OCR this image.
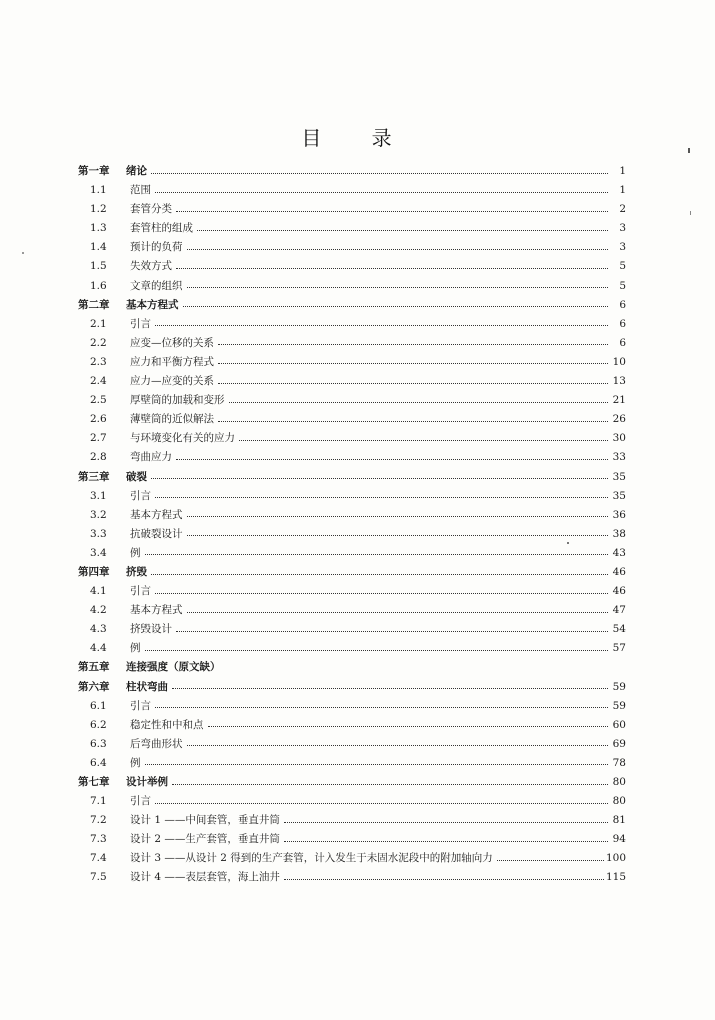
目 录
第一章	绪论	1
1.1	范围	1
1.2	套管分类	2
1.3	套管柱的组成	3
1.4	预计的负荷	3
1.5	失效方式	5
1.6	文章的组织	5
第二章	基本方程式	6
2.1	引言	6
2.2	应变—位移的关系	6
2.3	应力和平衡方程式	10
2.4	应力—应变的关系	13
2.5	厚壁筒的加载和变形	21
2.6	薄壁筒的近似解法	26
2.7	与环境变化有关的应力	30
2.8	弯曲应力	33
第三章	破裂	35
3.1	引言	35
3.2	基本方程式	36
3.3	抗破裂设计	38
3.4	例	43
第四章	挤毁	46
4.1	引言	46
4.2	基本方程式	47
4.3	挤毁设计	54
4.4	例	57
第五章	连接强度（原文缺）
第六章	柱状弯曲	59
6.1	引言	59
6.2	稳定性和中和点	60
6.3	后弯曲形状	69
6.4	例	78
第七章	设计举例	80
7.1	引言	80
7.2	设计 1 ——中间套管，垂直井筒	81
7.3	设计 2 ——生产套管，垂直井筒	94
7.4	设计 3 ——从设计 2 得到的生产套管，计入发生于未固水泥段中的附加轴向力	100
7.5	设计 4 ——表层套管，海上油井	115
